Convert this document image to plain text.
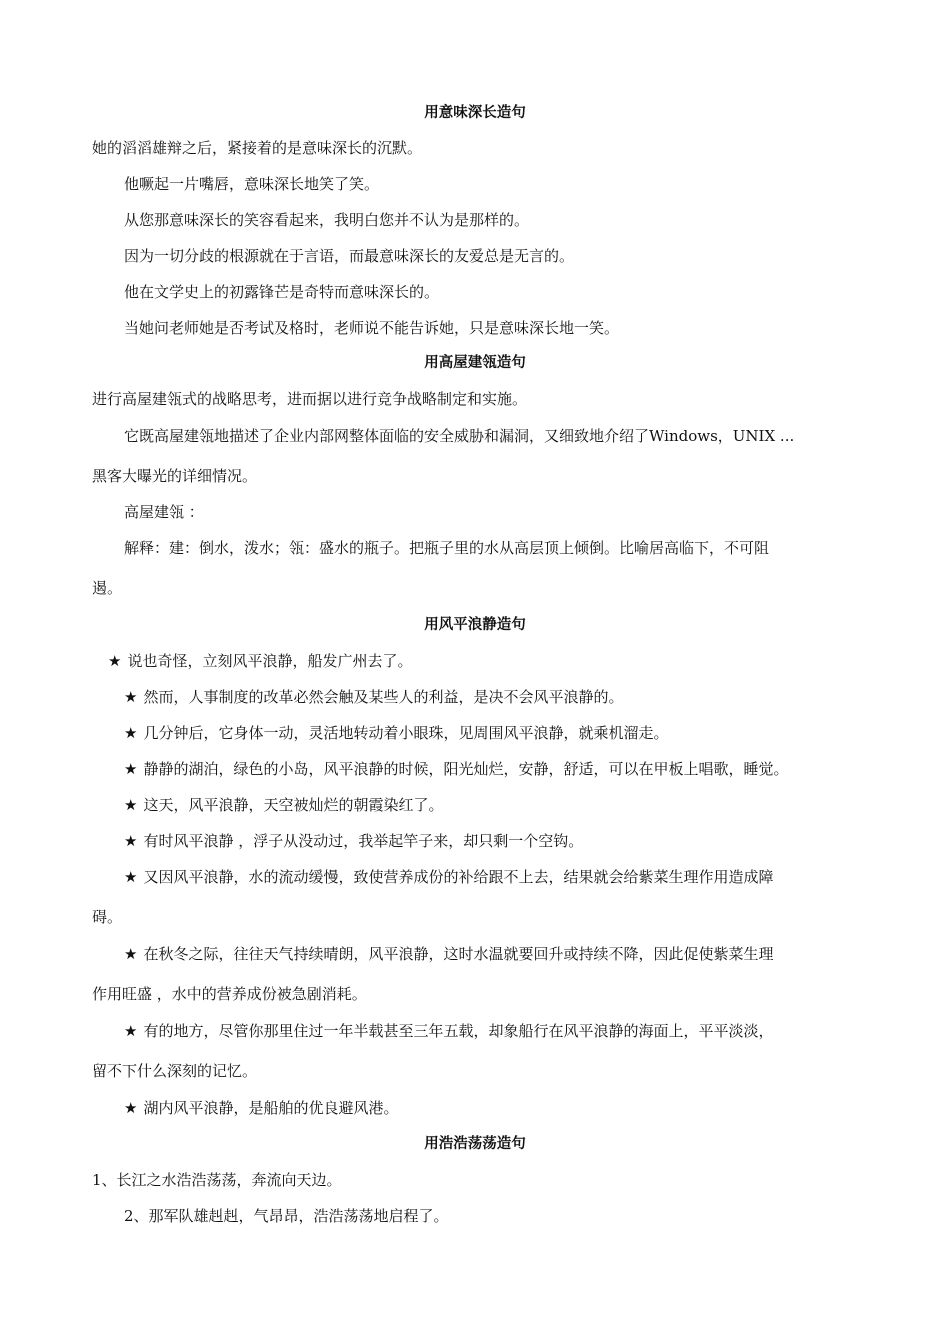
用意味深长造句

她的滔滔雄辩之后，紧接着的是意味深长的沉默。

他噘起一片嘴唇，意味深长地笑了笑。

从您那意味深长的笑容看起来，我明白您并不认为是那样的。

因为一切分歧的根源就在于言语，而最意味深长的友爱总是无言的。

他在文学史上的初露锋芒是奇特而意味深长的。

当她问老师她是否考试及格时，老师说不能告诉她，只是意味深长地一笑。

用高屋建瓴造句

进行高屋建瓴式的战略思考，进而据以进行竞争战略制定和实施。

它既高屋建瓴地描述了企业内部网整体面临的安全威胁和漏洞，又细致地介绍了Windows，UNIX ...

黑客大曝光的详细情况。

高屋建瓴 ：

解释：建：倒水，泼水；瓴：盛水的瓶子。把瓶子里的水从高层顶上倾倒。比喻居高临下，不可阻

遏。

用风平浪静造句

★ 说也奇怪，立刻风平浪静，船发广州去了。

★ 然而，人事制度的改革必然会触及某些人的利益，是决不会风平浪静的。

★ 几分钟后，它身体一动，灵活地转动着小眼珠，见周围风平浪静，就乘机溜走。

★ 静静的湖泊，绿色的小岛，风平浪静的时候，阳光灿烂，安静，舒适，可以在甲板上唱歌，睡觉。

★ 这天，风平浪静，天空被灿烂的朝霞染红了。

★ 有时风平浪静 ，浮子从没动过，我举起竿子来，却只剩一个空钩。

★ 又因风平浪静，水的流动缓慢，致使营养成份的补给跟不上去，结果就会给紫菜生理作用造成障

碍。

★ 在秋冬之际，往往天气持续晴朗，风平浪静，这时水温就要回升或持续不降，因此促使紫菜生理

作用旺盛 ，水中的营养成份被急剧消耗。

★ 有的地方，尽管你那里住过一年半载甚至三年五载，却象船行在风平浪静的海面上，平平淡淡，

留不下什么深刻的记忆。

★ 湖内风平浪静，是船舶的优良避风港。

用浩浩荡荡造句

1、长江之水浩浩荡荡，奔流向天边。

2、那军队雄赳赳，气昂昂，浩浩荡荡地启程了。
